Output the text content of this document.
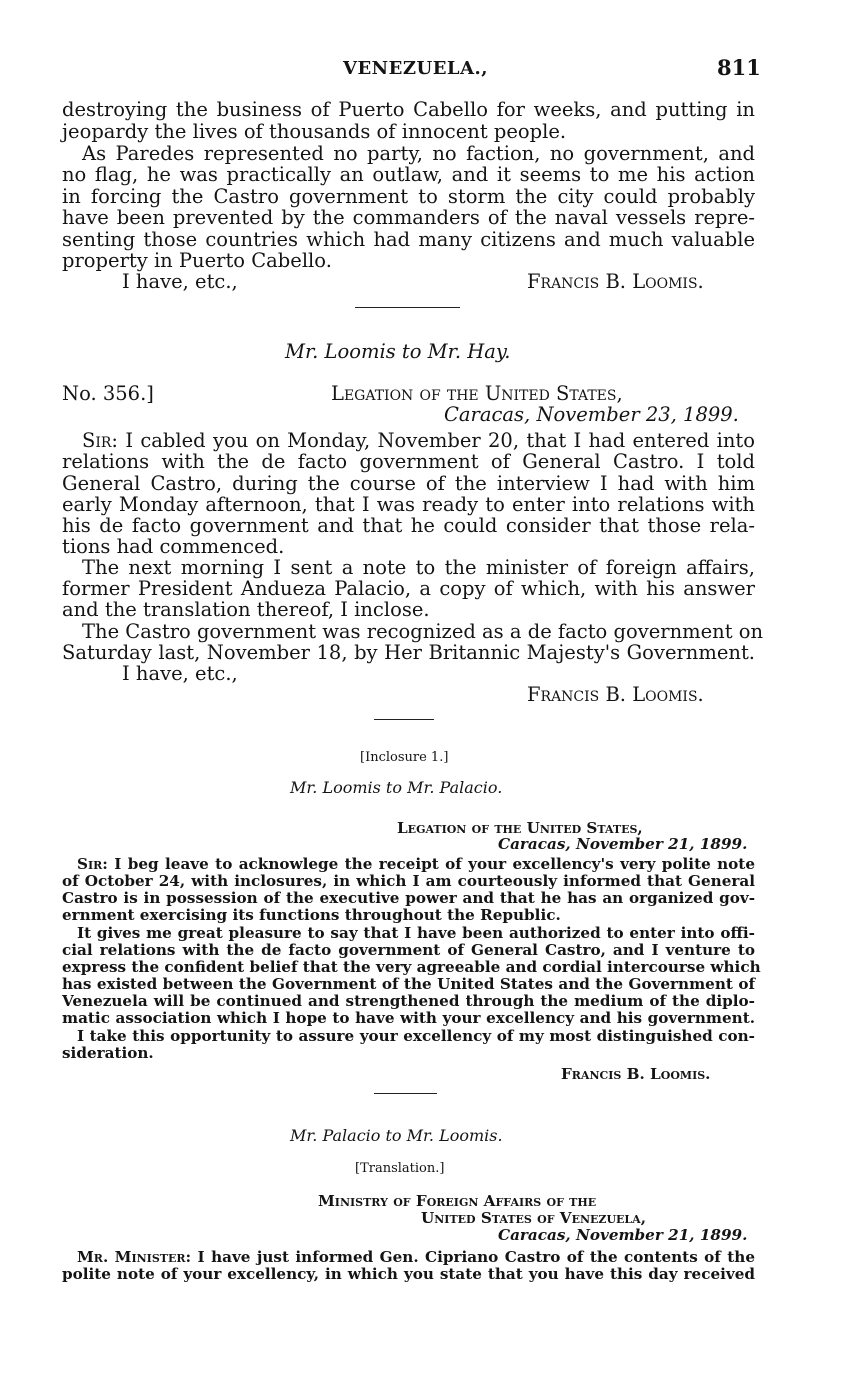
VENEZUELA.,	811
destroying the business of Puerto Cabello for weeks, and putting in
jeopardy the lives of thousands of innocent people.
As Paredes represented no party, no faction, no government, and
no flag, he was practically an outlaw, and it seems to me his action
in forcing the Castro government to storm the city could probably
have been prevented by the commanders of the naval vessels repre-
senting those countries which had many citizens and much valuable
property in Puerto Cabello.
I have, etc.,	Francis B. Loomis.
Mr. Loomis to Mr. Hay.
No. 356.]	Legation of the United States,
Caracas, November 23, 1899.
Sir: I cabled you on Monday, November 20, that I had entered into
relations with the de facto government of General Castro. I told
General Castro, during the course of the interview I had with him
early Monday afternoon, that I was ready to enter into relations with
his de facto government and that he could consider that those rela-
tions had commenced.
The next morning I sent a note to the minister of foreign affairs,
former President Andueza Palacio, a copy of which, with his answer
and the translation thereof, I inclose.
The Castro government was recognized as a de facto government on
Saturday last, November 18, by Her Britannic Majesty's Government.
I have, etc.,
Francis B. Loomis.
[Inclosure 1.]
Mr. Loomis to Mr. Palacio.
Legation of the United States,
Caracas, November 21, 1899.
Sir: I beg leave to acknowlege the receipt of your excellency's very polite note
of October 24, with inclosures, in which I am courteously informed that General
Castro is in possession of the executive power and that he has an organized gov-
ernment exercising its functions throughout the Republic.
It gives me great pleasure to say that I have been authorized to enter into offi-
cial relations with the de facto government of General Castro, and I venture to
express the confident belief that the very agreeable and cordial intercourse which
has existed between the Government of the United States and the Government of
Venezuela will be continued and strengthened through the medium of the diplo-
matic association which I hope to have with your excellency and his government.
I take this opportunity to assure your excellency of my most distinguished con-
sideration.
Francis B. Loomis.
Mr. Palacio to Mr. Loomis.
[Translation.]
Ministry of Foreign Affairs of the
United States of Venezuela,
Caracas, November 21, 1899.
Mr. Minister: I have just informed Gen. Cipriano Castro of the contents of the
polite note of your excellency, in which you state that you have this day received
